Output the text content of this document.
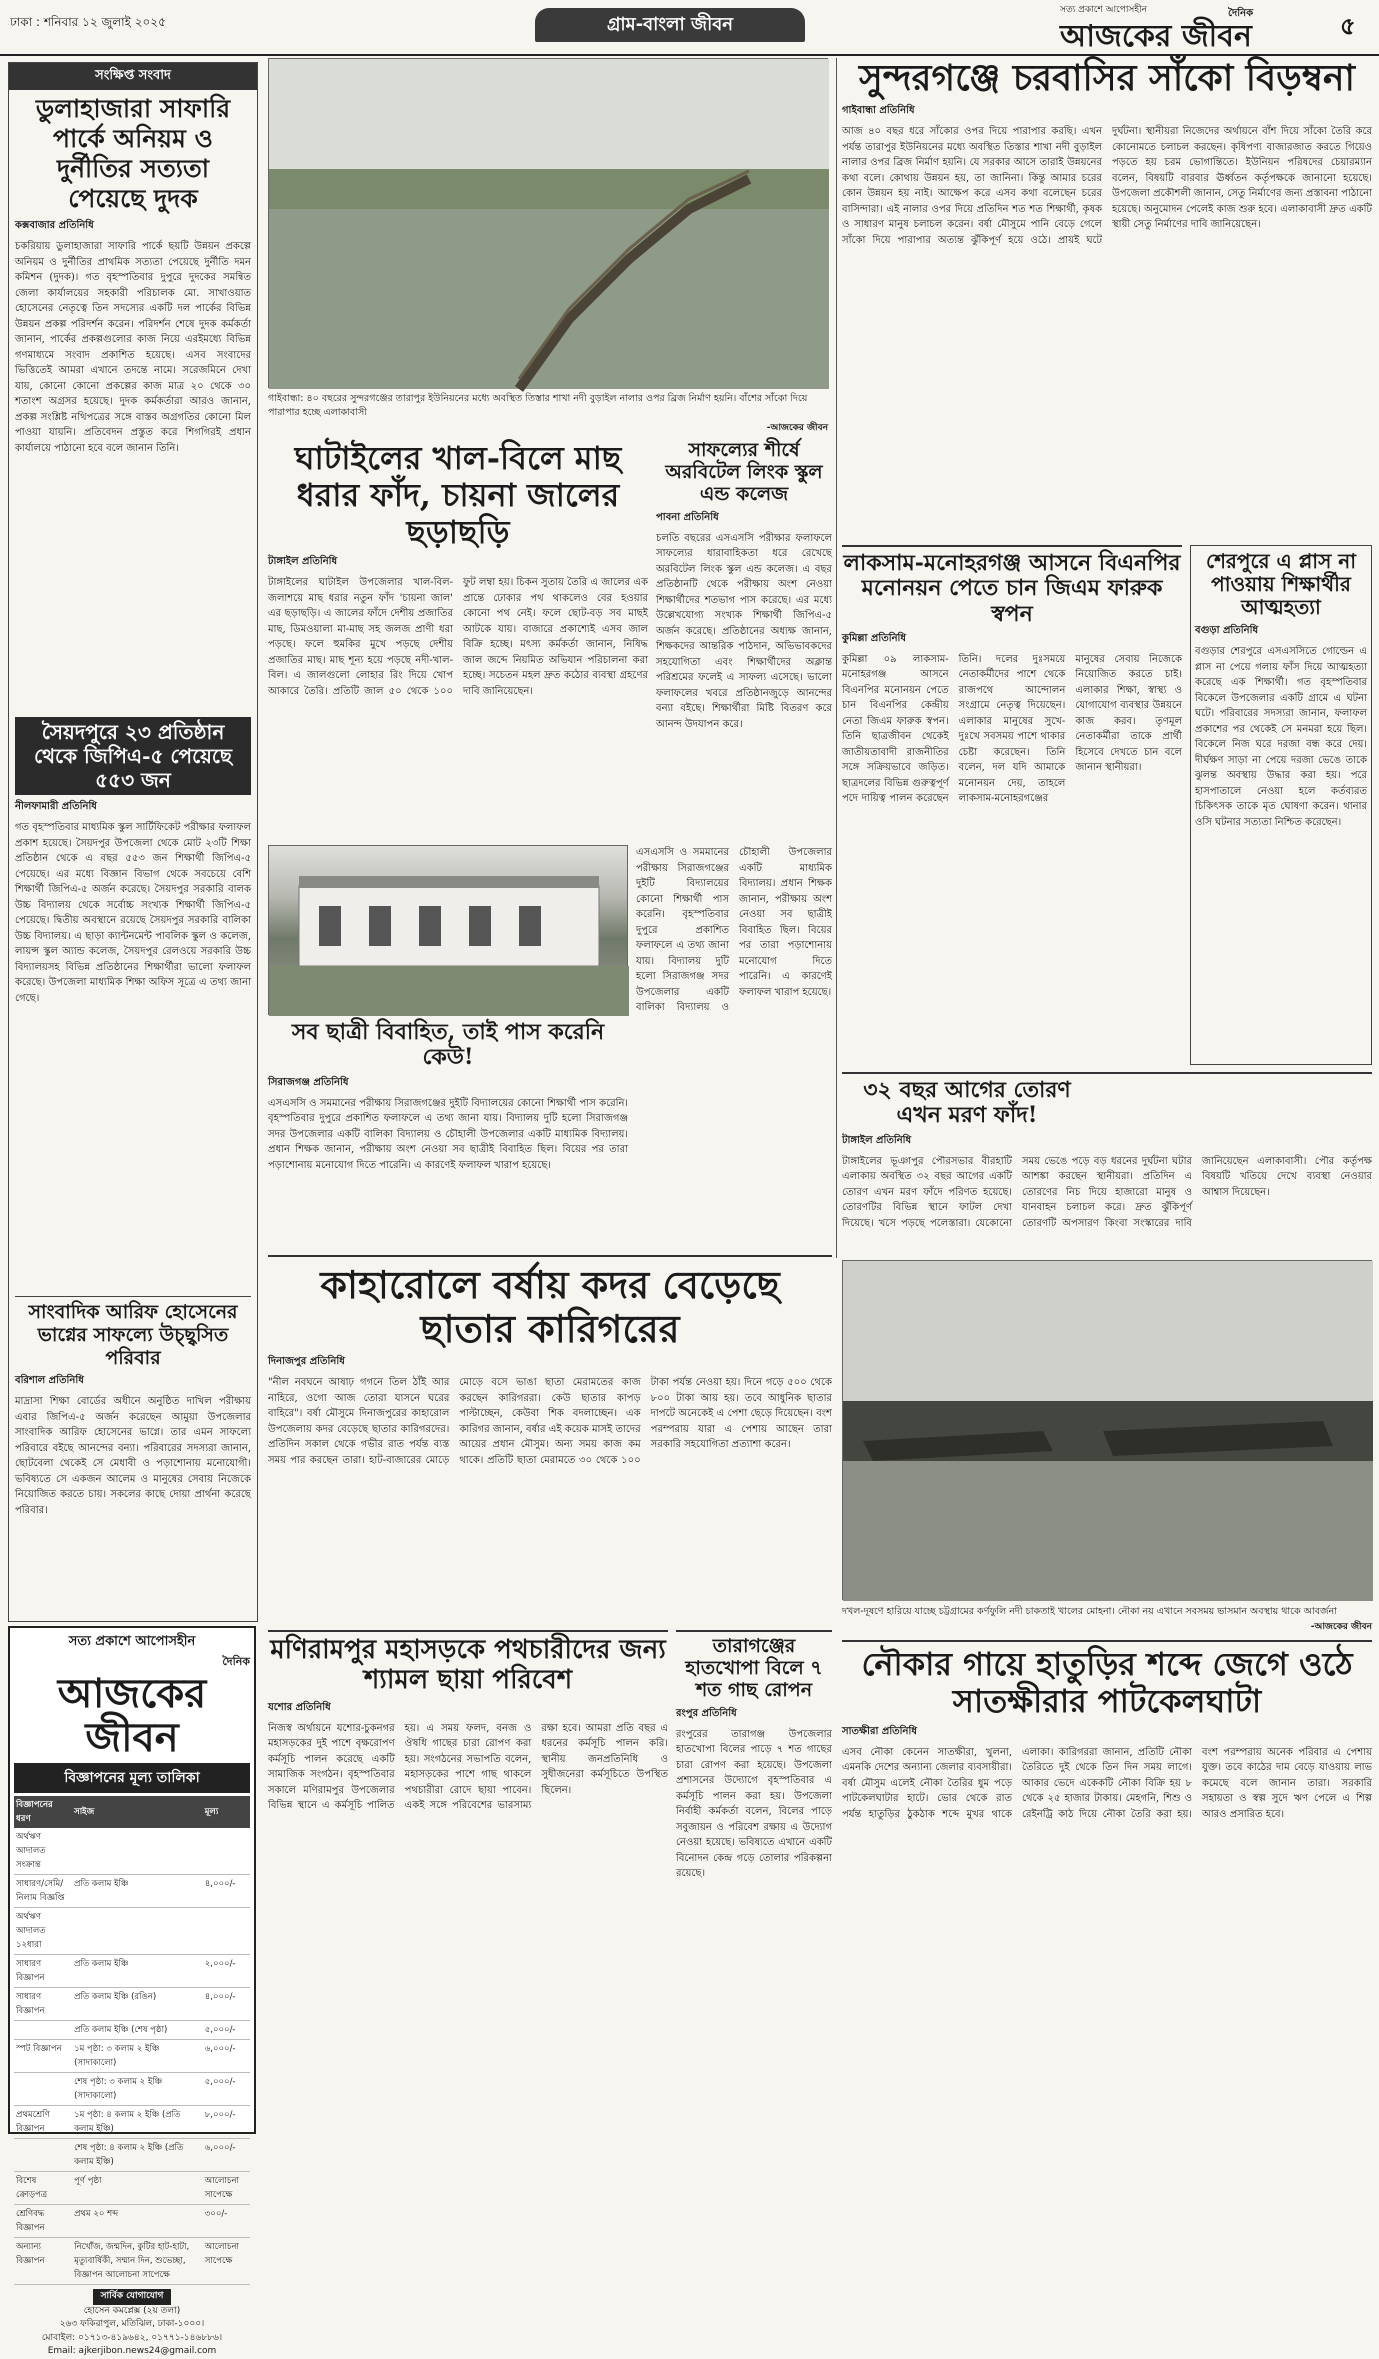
ঢাকা : শনিবার ১২ জুলাই ২০২৫	গ্রাম-বাংলা জীবন
সত্য প্রকাশে আপোসহীন
আজকের জীবন
দৈনিক	৫
সংক্ষিপ্ত সংবাদ
ডুলাহাজারা সাফারি পার্কে অনিয়ম ও দুর্নীতির সত্যতা পেয়েছে দুদক
কক্সবাজার প্রতিনিধি
চকরিয়ায় ডুলাহাজারা সাফারি পার্কে ছয়টি উন্নয়ন প্রকল্পে অনিয়ম ও দুর্নীতির প্রাথমিক সত্যতা পেয়েছে দুর্নীতি দমন কমিশন (দুদক)। গত বৃহস্পতিবার দুপুরে দুদকের সমন্বিত জেলা কার্যালয়ের সহকারী পরিচালক মো. সাখাওয়াত হোসেনের নেতৃত্বে তিন সদস্যের একটি দল পার্কের বিভিন্ন উন্নয়ন প্রকল্প পরিদর্শন করেন। পরিদর্শন শেষে দুদক কর্মকর্তা জানান, পার্কের প্রকল্পগুলোর কাজ নিয়ে এরইমধ্যে বিভিন্ন গণমাধ্যমে সংবাদ প্রকাশিত হয়েছে। এসব সংবাদের ভিত্তিতেই আমরা এখানে তদন্তে নামে। সরেজমিনে দেখা যায়, কোনো কোনো প্রকল্পের কাজ মাত্র ২০ থেকে ৩০ শতাংশ অগ্রসর হয়েছে। দুদক কর্মকর্তারা আরও জানান, প্রকল্প সংশ্লিষ্ট নথিপত্রের সঙ্গে বাস্তব অগ্রগতির কোনো মিল পাওয়া যায়নি। প্রতিবেদন প্রস্তুত করে শিগগিরই প্রধান কার্যালয়ে পাঠানো হবে বলে জানান তিনি।
সৈয়দপুরে ২৩ প্রতিষ্ঠান থেকে জিপিএ-৫ পেয়েছে ৫৫৩ জন
নীলফামারী প্রতিনিধি
গত বৃহস্পতিবার মাধ্যমিক স্কুল সার্টিফিকেট পরীক্ষার ফলাফল প্রকাশ হয়েছে। সৈয়দপুর উপজেলা থেকে মোট ২৩টি শিক্ষা প্রতিষ্ঠান থেকে এ বছর ৫৫৩ জন শিক্ষার্থী জিপিএ-৫ পেয়েছে। এর মধ্যে বিজ্ঞান বিভাগ থেকে সবচেয়ে বেশি শিক্ষার্থী জিপিএ-৫ অর্জন করেছে। সৈয়দপুর সরকারি বালক উচ্চ বিদ্যালয় থেকে সর্বোচ্চ সংখ্যক শিক্ষার্থী জিপিএ-৫ পেয়েছে। দ্বিতীয় অবস্থানে রয়েছে সৈয়দপুর সরকারি বালিকা উচ্চ বিদ্যালয়। এ ছাড়া ক্যান্টনমেন্ট পাবলিক স্কুল ও কলেজ, লায়ন্স স্কুল অ্যান্ড কলেজ, সৈয়দপুর রেলওয়ে সরকারি উচ্চ বিদ্যালয়সহ বিভিন্ন প্রতিষ্ঠানের শিক্ষার্থীরা ভালো ফলাফল করেছে। উপজেলা মাধ্যমিক শিক্ষা অফিস সূত্রে এ তথ্য জানা গেছে।
সাংবাদিক আরিফ হোসেনের ভাগ্নের সাফল্যে উচ্ছ্বসিত পরিবার
বরিশাল প্রতিনিধি
মাদ্রাসা শিক্ষা বোর্ডের অধীনে অনুষ্ঠিত দাখিল পরীক্ষায় এবার জিপিএ-৫ অর্জন করেছেন আমুয়া উপজেলার সাংবাদিক আরিফ হোসেনের ভাগ্নে। তার এমন সাফল্যে পরিবারে বইছে আনন্দের বন্যা। পরিবারের সদস্যরা জানান, ছোটবেলা থেকেই সে মেধাবী ও পড়াশোনায় মনোযোগী। ভবিষ্যতে সে একজন আলেম ও মানুষের সেবায় নিজেকে নিয়োজিত করতে চায়। সকলের কাছে দোয়া প্রার্থনা করেছে পরিবার।
গাইবান্ধা: ৪০ বছরের সুন্দরগঞ্জের তারাপুর ইউনিয়নের মধ্যে অবস্থিত তিস্তার শাখা নদী বুড়াইল নালার ওপর ব্রিজ নির্মাণ হয়নি। বাঁশের সাঁকো দিয়ে পারাপার হচ্ছে এলাকাবাসী
-আজকের জীবন
সুন্দরগঞ্জে চরবাসির সাঁকো বিড়ম্বনা
গাইবান্ধা প্রতিনিধি
আজ ৪০ বছর ধরে সাঁকোর ওপর দিয়ে পারাপার করছি। এখন পর্যন্ত তারাপুর ইউনিয়নের মধ্যে অবস্থিত তিস্তার শাখা নদী বুড়াইল নালার ওপর ব্রিজ নির্মাণ হয়নি। যে সরকার আসে তারাই উন্নয়নের কথা বলে। কোথায় উন্নয়ন হয়, তা জানিনা। কিন্তু আমার চরের কোন উন্নয়ন হয় নাই। আক্ষেপ করে এসব কথা বলেছেন চরের বাসিন্দারা। এই নালার ওপর দিয়ে প্রতিদিন শত শত শিক্ষার্থী, কৃষক ও সাধারণ মানুষ চলাচল করেন। বর্ষা মৌসুমে পানি বেড়ে গেলে সাঁকো দিয়ে পারাপার অত্যন্ত ঝুঁকিপূর্ণ হয়ে ওঠে। প্রায়ই ঘটে দুর্ঘটনা। স্থানীয়রা নিজেদের অর্থায়নে বাঁশ দিয়ে সাঁকো তৈরি করে কোনোমতে চলাচল করছেন। কৃষিপণ্য বাজারজাত করতে গিয়েও পড়তে হয় চরম ভোগান্তিতে। ইউনিয়ন পরিষদের চেয়ারম্যান বলেন, বিষয়টি বারবার ঊর্ধ্বতন কর্তৃপক্ষকে জানানো হয়েছে। উপজেলা প্রকৌশলী জানান, সেতু নির্মাণের জন্য প্রস্তাবনা পাঠানো হয়েছে। অনুমোদন পেলেই কাজ শুরু হবে। এলাকাবাসী দ্রুত একটি স্থায়ী সেতু নির্মাণের দাবি জানিয়েছেন।
ঘাটাইলের খাল-বিলে মাছ ধরার ফাঁদ, চায়না জালের ছড়াছড়ি
টাঙ্গাইল প্রতিনিধি
টাঙ্গাইলের ঘাটাইল উপজেলার খাল-বিল-জলাশয়ে মাছ ধরার নতুন ফাঁদ 'চায়না জাল' এর ছড়াছড়ি। এ জালের ফাঁদে দেশীয় প্রজাতির মাছ, ডিমওয়ালা মা-মাছ সহ জলজ প্রাণী ধরা পড়ছে। ফলে হুমকির মুখে পড়ছে দেশীয় প্রজাতির মাছ। মাছ শূন্য হয়ে পড়ছে নদী-খাল-বিল। এ জালগুলো লোহার রিং দিয়ে খোপ আকারে তৈরি। প্রতিটি জাল ৫০ থেকে ১০০ ফুট লম্বা হয়। চিকন সুতায় তৈরি এ জালের এক প্রান্তে ঢোকার পথ থাকলেও বের হওয়ার কোনো পথ নেই। ফলে ছোট-বড় সব মাছই আটকে যায়। বাজারে প্রকাশ্যেই এসব জাল বিক্রি হচ্ছে। মৎস্য কর্মকর্তা জানান, নিষিদ্ধ জাল জব্দে নিয়মিত অভিযান পরিচালনা করা হচ্ছে। সচেতন মহল দ্রুত কঠোর ব্যবস্থা গ্রহণের দাবি জানিয়েছেন।
সাফল্যের শীর্ষে অরবিটেল লিংক স্কুল এন্ড কলেজ
পাবনা প্রতিনিধি
চলতি বছরের এসএসসি পরীক্ষার ফলাফলে সাফল্যের ধারাবাহিকতা ধরে রেখেছে অরবিটেল লিংক স্কুল এন্ড কলেজ। এ বছর প্রতিষ্ঠানটি থেকে পরীক্ষায় অংশ নেওয়া শিক্ষার্থীদের শতভাগ পাস করেছে। এর মধ্যে উল্লেখযোগ্য সংখ্যক শিক্ষার্থী জিপিএ-৫ অর্জন করেছে। প্রতিষ্ঠানের অধ্যক্ষ জানান, শিক্ষকদের আন্তরিক পাঠদান, অভিভাবকদের সহযোগিতা এবং শিক্ষার্থীদের অক্লান্ত পরিশ্রমের ফলেই এ সাফল্য এসেছে। ভালো ফলাফলের খবরে প্রতিষ্ঠানজুড়ে আনন্দের বন্যা বইছে। শিক্ষার্থীরা মিষ্টি বিতরণ করে আনন্দ উদযাপন করে।
লাকসাম-মনোহরগঞ্জ আসনে বিএনপির মনোনয়ন পেতে চান জিএম ফারুক স্বপন
কুমিল্লা প্রতিনিধি
কুমিল্লা ০৯ লাকসাম-মনোহরগঞ্জ আসনে বিএনপির মনোনয়ন পেতে চান বিএনপির কেন্দ্রীয় নেতা জিএম ফারুক স্বপন। তিনি ছাত্রজীবন থেকেই জাতীয়তাবাদী রাজনীতির সঙ্গে সক্রিয়ভাবে জড়িত। ছাত্রদলের বিভিন্ন গুরুত্বপূর্ণ পদে দায়িত্ব পালন করেছেন তিনি। দলের দুঃসময়ে নেতাকর্মীদের পাশে থেকে রাজপথে আন্দোলন সংগ্রামে নেতৃত্ব দিয়েছেন। এলাকার মানুষের সুখে-দুঃখে সবসময় পাশে থাকার চেষ্টা করেছেন। তিনি বলেন, দল যদি আমাকে মনোনয়ন দেয়, তাহলে লাকসাম-মনোহরগঞ্জের মানুষের সেবায় নিজেকে নিয়োজিত করতে চাই। এলাকার শিক্ষা, স্বাস্থ্য ও যোগাযোগ ব্যবস্থার উন্নয়নে কাজ করব। তৃণমূল নেতাকর্মীরা তাকে প্রার্থী হিসেবে দেখতে চান বলে জানান স্থানীয়রা।
শেরপুরে এ প্লাস না পাওয়ায় শিক্ষার্থীর আত্মহত্যা
বগুড়া প্রতিনিধি
বগুড়ার শেরপুরে এসএসসিতে গোল্ডেন এ প্লাস না পেয়ে গলায় ফাঁস দিয়ে আত্মহত্যা করেছে এক শিক্ষার্থী। গত বৃহস্পতিবার বিকেলে উপজেলার একটি গ্রামে এ ঘটনা ঘটে। পরিবারের সদস্যরা জানান, ফলাফল প্রকাশের পর থেকেই সে মনমরা হয়ে ছিল। বিকেলে নিজ ঘরে দরজা বন্ধ করে দেয়। দীর্ঘক্ষণ সাড়া না পেয়ে দরজা ভেঙে তাকে ঝুলন্ত অবস্থায় উদ্ধার করা হয়। পরে হাসপাতালে নেওয়া হলে কর্তব্যরত চিকিৎসক তাকে মৃত ঘোষণা করেন। থানার ওসি ঘটনার সত্যতা নিশ্চিত করেছেন।
সব ছাত্রী বিবাহিত, তাই পাস করেনি কেউ!
সিরাজগঞ্জ প্রতিনিধি
এসএসসি ও সমমানের পরীক্ষায় সিরাজগঞ্জের দুইটি বিদ্যালয়ের কোনো শিক্ষার্থী পাস করেনি। বৃহস্পতিবার দুপুরে প্রকাশিত ফলাফলে এ তথ্য জানা যায়। বিদ্যালয় দুটি হলো সিরাজগঞ্জ সদর উপজেলার একটি বালিকা বিদ্যালয় ও চৌহালী উপজেলার একটি মাধ্যমিক বিদ্যালয়। প্রধান শিক্ষক জানান, পরীক্ষায় অংশ নেওয়া সব ছাত্রীই বিবাহিত ছিল। বিয়ের পর তারা পড়াশোনায় মনোযোগ দিতে পারেনি। এ কারণেই ফলাফল খারাপ হয়েছে।
এসএসসি ও সমমানের পরীক্ষায় সিরাজগঞ্জের দুইটি বিদ্যালয়ের কোনো শিক্ষার্থী পাস করেনি। বৃহস্পতিবার দুপুরে প্রকাশিত ফলাফলে এ তথ্য জানা যায়। বিদ্যালয় দুটি হলো সিরাজগঞ্জ সদর উপজেলার একটি বালিকা বিদ্যালয় ও চৌহালী উপজেলার একটি মাধ্যমিক বিদ্যালয়। প্রধান শিক্ষক জানান, পরীক্ষায় অংশ নেওয়া সব ছাত্রীই বিবাহিত ছিল। বিয়ের পর তারা পড়াশোনায় মনোযোগ দিতে পারেনি। এ কারণেই ফলাফল খারাপ হয়েছে।
৩২ বছর আগের তোরণ এখন মরণ ফাঁদ!
টাঙ্গাইল প্রতিনিধি
টাঙ্গাইলের ভূঞাপুর পৌরসভার বীরহাটি এলাকায় অবস্থিত ৩২ বছর আগের একটি তোরণ এখন মরণ ফাঁদে পরিণত হয়েছে। তোরণটির বিভিন্ন স্থানে ফাটল দেখা দিয়েছে। খসে পড়ছে পলেস্তারা। যেকোনো সময় ভেঙে পড়ে বড় ধরনের দুর্ঘটনা ঘটার আশঙ্কা করছেন স্থানীয়রা। প্রতিদিন এ তোরণের নিচ দিয়ে হাজারো মানুষ ও যানবাহন চলাচল করে। দ্রুত ঝুঁকিপূর্ণ তোরণটি অপসারণ কিংবা সংস্কারের দাবি জানিয়েছেন এলাকাবাসী। পৌর কর্তৃপক্ষ বিষয়টি খতিয়ে দেখে ব্যবস্থা নেওয়ার আশ্বাস দিয়েছেন।
দখল-দূষণে হারিয়ে যাচ্ছে চট্টগ্রামের কর্ণফুলি নদী চাকতাই খালের মোহনা। নৌকা নয় এখানে সবসময় ভাসমান অবস্থায় থাকে আবর্জনা
-আজকের জীবন
কাহারোলে বর্ষায় কদর বেড়েছে ছাতার কারিগরের
দিনাজপুর প্রতিনিধি
"নীল নবঘনে আষাঢ় গগনে তিল ঠাঁই আর নাহিরে, ওগো আজ তোরা যাসনে ঘরের বাহিরে"। বর্ষা মৌসুমে দিনাজপুরের কাহারোল উপজেলায় কদর বেড়েছে ছাতার কারিগরদের। প্রতিদিন সকাল থেকে গভীর রাত পর্যন্ত ব্যস্ত সময় পার করছেন তারা। হাট-বাজারের মোড়ে মোড়ে বসে ভাঙা ছাতা মেরামতের কাজ করছেন কারিগররা। কেউ ছাতার কাপড় পাল্টাচ্ছেন, কেউবা শিক বদলাচ্ছেন। এক কারিগর জানান, বর্ষার এই কয়েক মাসই তাদের আয়ের প্রধান মৌসুম। অন্য সময় কাজ কম থাকে। প্রতিটি ছাতা মেরামতে ৩০ থেকে ১০০ টাকা পর্যন্ত নেওয়া হয়। দিনে গড়ে ৫০০ থেকে ৮০০ টাকা আয় হয়। তবে আধুনিক ছাতার দাপটে অনেকেই এ পেশা ছেড়ে দিয়েছেন। বংশ পরম্পরায় যারা এ পেশায় আছেন তারা সরকারি সহযোগিতা প্রত্যাশা করেন।
সত্য প্রকাশে আপোসহীন
দৈনিক
আজকের জীবন
বিজ্ঞাপনের মূল্য তালিকা
বিজ্ঞাপনের ধরণ	সাইজ	মূল্য
অর্থঋণ আদালত সংক্রান্ত		
সাধারণ/সেমি/নিলাম বিজ্ঞপ্তি	প্রতি কলাম ইঞ্চি	৪,০০০/-
অর্থঋণ আদালত ১২ধারা		
সাধারণ বিজ্ঞাপন	প্রতি কলাম ইঞ্চি	২,০০০/-
সাধারণ বিজ্ঞাপন	প্রতি কলাম ইঞ্চি (রঙিন)	৪,০০০/-
	প্রতি কলাম ইঞ্চি (শেষ পৃষ্ঠা)	৫,০০০/-
স্পট বিজ্ঞাপন	১ম পৃষ্ঠা: ৩ কলাম ২ ইঞ্চি (সাদাকালো)	৬,০০০/-
	শেষ পৃষ্ঠা: ৩ কলাম ২ ইঞ্চি (সাদাকালো)	৫,০০০/-
প্রথমশ্রেণি বিজ্ঞাপন	১ম পৃষ্ঠা: ৪ কলাম ২ ইঞ্চি (প্রতি কলাম ইঞ্চি)	৮,০০০/-
	শেষ পৃষ্ঠা: ৪ কলাম ২ ইঞ্চি (প্রতি কলাম ইঞ্চি)	৬,০০০/-
বিশেষ ক্রোড়পত্র	পূর্ণ পৃষ্ঠা	আলোচনা সাপেক্ষে
শ্রেণিবদ্ধ বিজ্ঞাপন	প্রথম ২০ শব্দ	৩০০/-
অন্যান্য বিজ্ঞাপন	নিখোঁজ, জন্মদিন, কুটির হাট-হাটা, মৃত্যুবার্ষিকী, সম্মান দিন, শুভেচ্ছা, বিজ্ঞাপন আলোচনা সাপেক্ষে	আলোচনা সাপেক্ষে
সার্বিক যোগাযোগ
হোসেন কমপ্লেক্স (২য় তলা)
২৬৩ ফকিরাপুল, মতিঝিল, ঢাকা-১০০০।
মোবাইল: ০১৭১৩-৪১৯৬৪২, ০১৭৭১-১৪৬৮৮৬।
Email: ajkerjibon.news24@gmail.com
মণিরামপুর মহাসড়কে পথচারীদের জন্য শ্যামল ছায়া পরিবেশ
যশোর প্রতিনিধি
নিজস্ব অর্থায়নে যশোর-চুকনগর মহাসড়কের দুই পাশে বৃক্ষরোপণ কর্মসূচি পালন করেছে একটি সামাজিক সংগঠন। বৃহস্পতিবার সকালে মণিরামপুর উপজেলার বিভিন্ন স্থানে এ কর্মসূচি পালিত হয়। এ সময় ফলদ, বনজ ও ঔষধি গাছের চারা রোপণ করা হয়। সংগঠনের সভাপতি বলেন, মহাসড়কের পাশে গাছ থাকলে পথচারীরা রোদে ছায়া পাবেন। একই সঙ্গে পরিবেশের ভারসাম্য রক্ষা হবে। আমরা প্রতি বছর এ ধরনের কর্মসূচি পালন করি। স্থানীয় জনপ্রতিনিধি ও সুধীজনেরা কর্মসূচিতে উপস্থিত ছিলেন।
তারাগঞ্জের হাতখোপা বিলে ৭ শত গাছ রোপন
রংপুর প্রতিনিধি
রংপুরের তারাগঞ্জ উপজেলার হাতখোপা বিলের পাড়ে ৭ শত গাছের চারা রোপণ করা হয়েছে। উপজেলা প্রশাসনের উদ্যোগে বৃহস্পতিবার এ কর্মসূচি পালন করা হয়। উপজেলা নির্বাহী কর্মকর্তা বলেন, বিলের পাড়ে সবুজায়ন ও পরিবেশ রক্ষায় এ উদ্যোগ নেওয়া হয়েছে। ভবিষ্যতে এখানে একটি বিনোদন কেন্দ্র গড়ে তোলার পরিকল্পনা রয়েছে।
নৌকার গায়ে হাতুড়ির শব্দে জেগে ওঠে সাতক্ষীরার পাটকেলঘাটা
সাতক্ষীরা প্রতিনিধি
এসব নৌকা কেনেন সাতক্ষীরা, খুলনা, এমনকি দেশের অন্যান্য জেলার ব্যবসায়ীরা। বর্ষা মৌসুম এলেই নৌকা তৈরির ধুম পড়ে পাটকেলঘাটার হাটে। ভোর থেকে রাত পর্যন্ত হাতুড়ির ঠুকঠাক শব্দে মুখর থাকে এলাকা। কারিগররা জানান, প্রতিটি নৌকা তৈরিতে দুই থেকে তিন দিন সময় লাগে। আকার ভেদে একেকটি নৌকা বিক্রি হয় ৮ থেকে ২৫ হাজার টাকায়। মেহগনি, শিশু ও রেইনট্রি কাঠ দিয়ে নৌকা তৈরি করা হয়। বংশ পরম্পরায় অনেক পরিবার এ পেশায় যুক্ত। তবে কাঠের দাম বেড়ে যাওয়ায় লাভ কমেছে বলে জানান তারা। সরকারি সহায়তা ও স্বল্প সুদে ঋণ পেলে এ শিল্প আরও প্রসারিত হবে।
